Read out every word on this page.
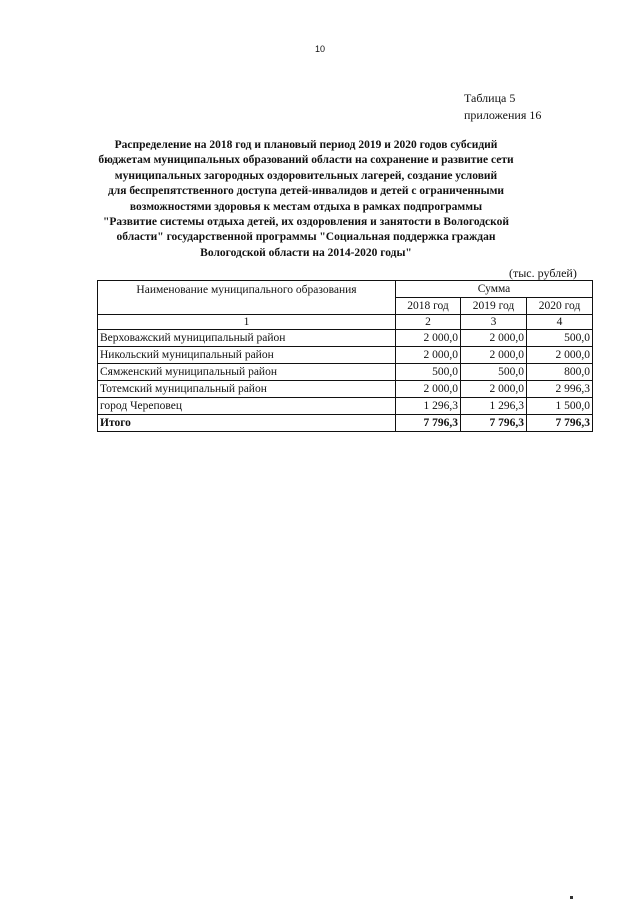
10
Таблица 5
приложения 16
Распределение на 2018 год и плановый период 2019 и 2020 годов субсидий
бюджетам муниципальных образований области на сохранение и развитие сети
муниципальных загородных оздоровительных лагерей, создание условий
для беспрепятственного доступа детей-инвалидов и детей с ограниченными
возможностями здоровья к местам отдыха в рамках подпрограммы
"Развитие системы отдыха детей, их оздоровления и занятости в Вологодской
области" государственной программы "Социальная поддержка граждан
Вологодской области на 2014-2020 годы"
(тыс. рублей)
Наименование муниципального образования	Сумма		
	2018 год	2019 год	2020 год
1	2	3	4
Верховажский муниципальный район	2 000,0	2 000,0	500,0
Никольский муниципальный район	2 000,0	2 000,0	2 000,0
Сямженский муниципальный район	500,0	500,0	800,0
Тотемский муниципальный район	2 000,0	2 000,0	2 996,3
город Череповец	1 296,3	1 296,3	1 500,0
Итого	7 796,3	7 796,3	7 796,3
